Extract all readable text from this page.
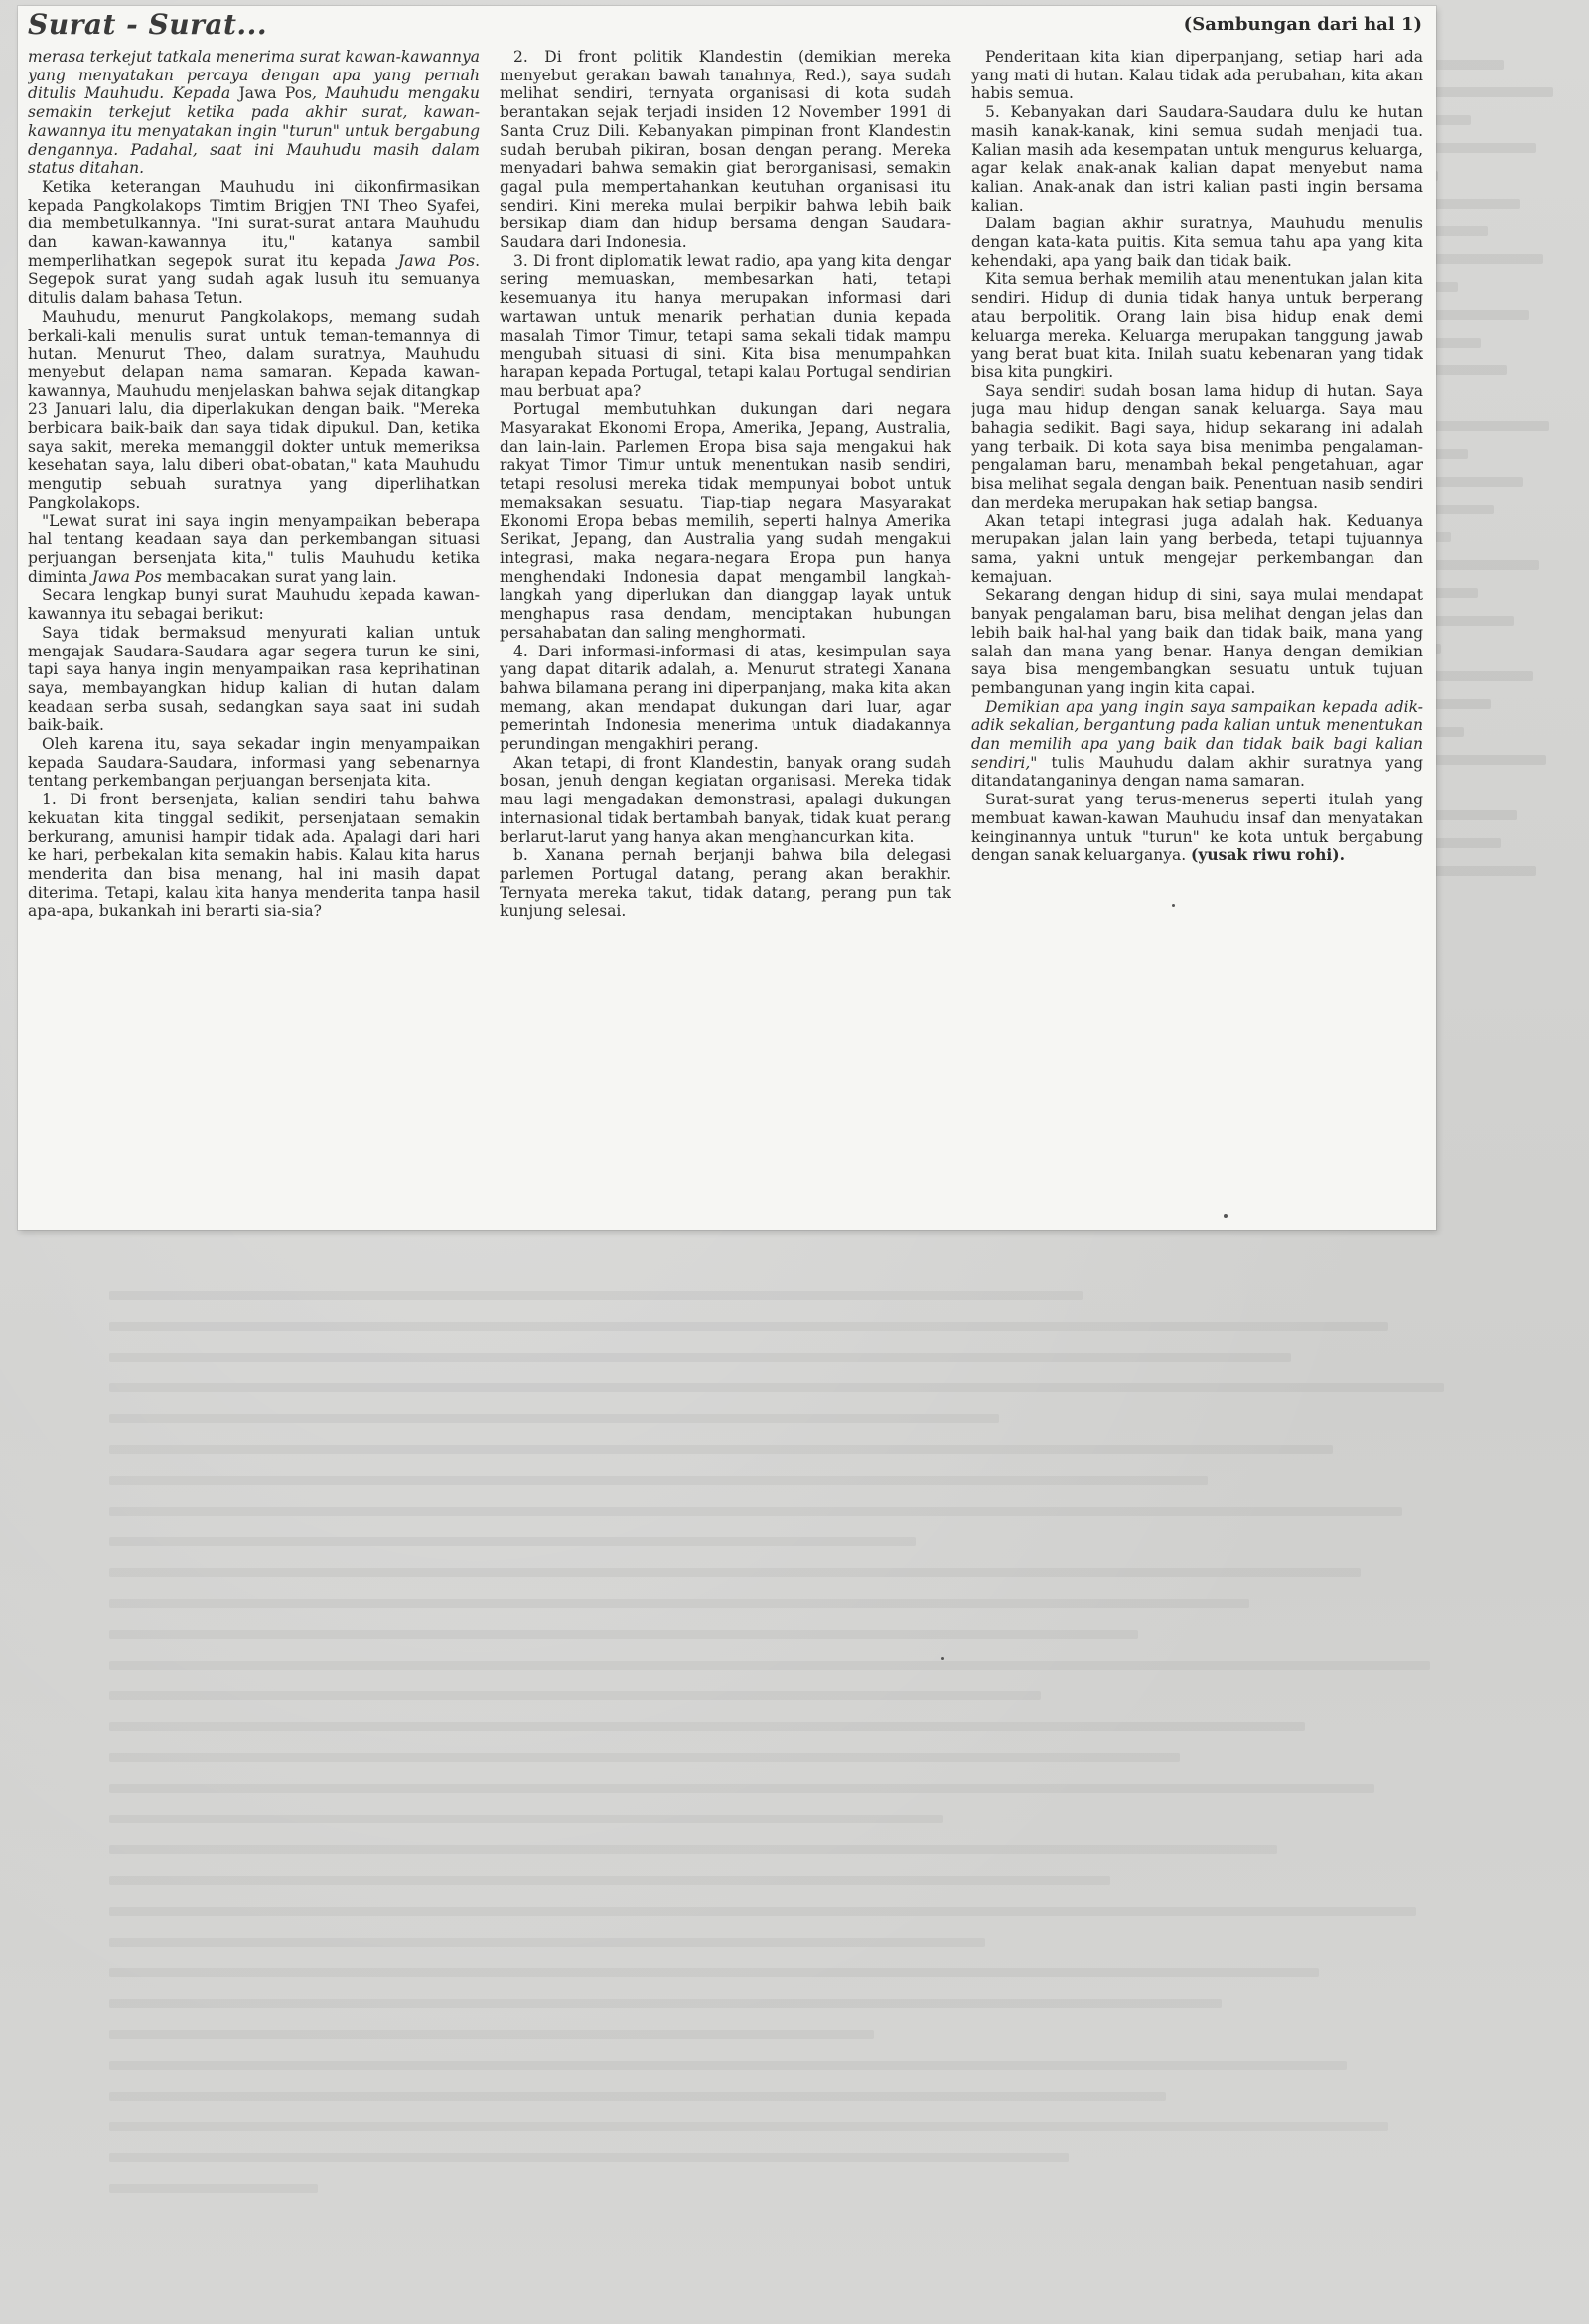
Surat - Surat...	(Sambungan dari hal 1)

merasa terkejut tatkala menerima surat kawan-kawannya yang menyatakan percaya dengan apa yang pernah ditulis Mauhudu. Kepada Jawa Pos, Mauhudu mengaku semakin terkejut ketika pada akhir surat, kawan-kawannya itu menyatakan ingin "turun" untuk bergabung dengannya. Padahal, saat ini Mauhudu masih dalam status ditahan.

Ketika keterangan Mauhudu ini dikonfirmasikan kepada Pangkolakops Timtim Brigjen TNI Theo Syafei, dia membetulkannya. "Ini surat-surat antara Mauhudu dan kawan-kawannya itu," katanya sambil memperlihatkan segepok surat itu kepada Jawa Pos. Segepok surat yang sudah agak lusuh itu semuanya ditulis dalam bahasa Tetun.

Mauhudu, menurut Pangkolakops, memang sudah berkali-kali menulis surat untuk teman-temannya di hutan. Menurut Theo, dalam suratnya, Mauhudu menyebut delapan nama samaran. Kepada kawan-kawannya, Mauhudu menjelaskan bahwa sejak ditangkap 23 Januari lalu, dia diperlakukan dengan baik. "Mereka berbicara baik-baik dan saya tidak dipukul. Dan, ketika saya sakit, mereka memanggil dokter untuk memeriksa kesehatan saya, lalu diberi obat-obatan," kata Mauhudu mengutip sebuah suratnya yang diperlihatkan Pangkolakops.

"Lewat surat ini saya ingin menyampaikan beberapa hal tentang keadaan saya dan perkembangan situasi perjuangan bersenjata kita," tulis Mauhudu ketika diminta Jawa Pos membacakan surat yang lain.

Secara lengkap bunyi surat Mauhudu kepada kawan-kawannya itu sebagai berikut:

Saya tidak bermaksud menyurati kalian untuk mengajak Saudara-Saudara agar segera turun ke sini, tapi saya hanya ingin menyampaikan rasa keprihatinan saya, membayangkan hidup kalian di hutan dalam keadaan serba susah, sedangkan saya saat ini sudah baik-baik.

Oleh karena itu, saya sekadar ingin menyampaikan kepada Saudara-Saudara, informasi yang sebenarnya tentang perkembangan perjuangan bersenjata kita.

1. Di front bersenjata, kalian sendiri tahu bahwa kekuatan kita tinggal sedikit, persenjataan semakin berkurang, amunisi hampir tidak ada. Apalagi dari hari ke hari, perbekalan kita semakin habis. Kalau kita harus menderita dan bisa menang, hal ini masih dapat diterima. Tetapi, kalau kita hanya menderita tanpa hasil apa-apa, bukankah ini berarti sia-sia?

2. Di front politik Klandestin (demikian mereka menyebut gerakan bawah tanahnya, Red.), saya sudah melihat sendiri, ternyata organisasi di kota sudah berantakan sejak terjadi insiden 12 November 1991 di Santa Cruz Dili. Kebanyakan pimpinan front Klandestin sudah berubah pikiran, bosan dengan perang. Mereka menyadari bahwa semakin giat berorganisasi, semakin gagal pula mempertahankan keutuhan organisasi itu sendiri. Kini mereka mulai berpikir bahwa lebih baik bersikap diam dan hidup bersama dengan Saudara-Saudara dari Indonesia.

3. Di front diplomatik lewat radio, apa yang kita dengar sering memuaskan, membesarkan hati, tetapi kesemuanya itu hanya merupakan informasi dari wartawan untuk menarik perhatian dunia kepada masalah Timor Timur, tetapi sama sekali tidak mampu mengubah situasi di sini. Kita bisa menumpahkan harapan kepada Portugal, tetapi kalau Portugal sendirian mau berbuat apa?

Portugal membutuhkan dukungan dari negara Masyarakat Ekonomi Eropa, Amerika, Jepang, Australia, dan lain-lain. Parlemen Eropa bisa saja mengakui hak rakyat Timor Timur untuk menentukan nasib sendiri, tetapi resolusi mereka tidak mempunyai bobot untuk memaksakan sesuatu. Tiap-tiap negara Masyarakat Ekonomi Eropa bebas memilih, seperti halnya Amerika Serikat, Jepang, dan Australia yang sudah mengakui integrasi, maka negara-negara Eropa pun hanya menghendaki Indonesia dapat mengambil langkah-langkah yang diperlukan dan dianggap layak untuk menghapus rasa dendam, menciptakan hubungan persahabatan dan saling menghormati.

4. Dari informasi-informasi di atas, kesimpulan saya yang dapat ditarik adalah, a. Menurut strategi Xanana bahwa bilamana perang ini diperpanjang, maka kita akan memang, akan mendapat dukungan dari luar, agar pemerintah Indonesia menerima untuk diadakannya perundingan mengakhiri perang.

Akan tetapi, di front Klandestin, banyak orang sudah bosan, jenuh dengan kegiatan organisasi. Mereka tidak mau lagi mengadakan demonstrasi, apalagi dukungan internasional tidak bertambah banyak, tidak kuat perang berlarut-larut yang hanya akan menghancurkan kita.

b. Xanana pernah berjanji bahwa bila delegasi parlemen Portugal datang, perang akan berakhir. Ternyata mereka takut, tidak datang, perang pun tak kunjung selesai.

Penderitaan kita kian diperpanjang, setiap hari ada yang mati di hutan. Kalau tidak ada perubahan, kita akan habis semua.

5. Kebanyakan dari Saudara-Saudara dulu ke hutan masih kanak-kanak, kini semua sudah menjadi tua. Kalian masih ada kesempatan untuk mengurus keluarga, agar kelak anak-anak kalian dapat menyebut nama kalian. Anak-anak dan istri kalian pasti ingin bersama kalian.

Dalam bagian akhir suratnya, Mauhudu menulis dengan kata-kata puitis. Kita semua tahu apa yang kita kehendaki, apa yang baik dan tidak baik.

Kita semua berhak memilih atau menentukan jalan kita sendiri. Hidup di dunia tidak hanya untuk berperang atau berpolitik. Orang lain bisa hidup enak demi keluarga mereka. Keluarga merupakan tanggung jawab yang berat buat kita. Inilah suatu kebenaran yang tidak bisa kita pungkiri.

Saya sendiri sudah bosan lama hidup di hutan. Saya juga mau hidup dengan sanak keluarga. Saya mau bahagia sedikit. Bagi saya, hidup sekarang ini adalah yang terbaik. Di kota saya bisa menimba pengalaman-pengalaman baru, menambah bekal pengetahuan, agar bisa melihat segala dengan baik. Penentuan nasib sendiri dan merdeka merupakan hak setiap bangsa.

Akan tetapi integrasi juga adalah hak. Keduanya merupakan jalan lain yang berbeda, tetapi tujuannya sama, yakni untuk mengejar perkembangan dan kemajuan.

Sekarang dengan hidup di sini, saya mulai mendapat banyak pengalaman baru, bisa melihat dengan jelas dan lebih baik hal-hal yang baik dan tidak baik, mana yang salah dan mana yang benar. Hanya dengan demikian saya bisa mengembangkan sesuatu untuk tujuan pembangunan yang ingin kita capai.

Demikian apa yang ingin saya sampaikan kepada adik-adik sekalian, bergantung pada kalian untuk menentukan dan memilih apa yang baik dan tidak baik bagi kalian sendiri," tulis Mauhudu dalam akhir suratnya yang ditandatanganinya dengan nama samaran.

Surat-surat yang terus-menerus seperti itulah yang membuat kawan-kawan Mauhudu insaf dan menyatakan keinginannya untuk "turun" ke kota untuk bergabung dengan sanak keluarganya. (yusak riwu rohi).
